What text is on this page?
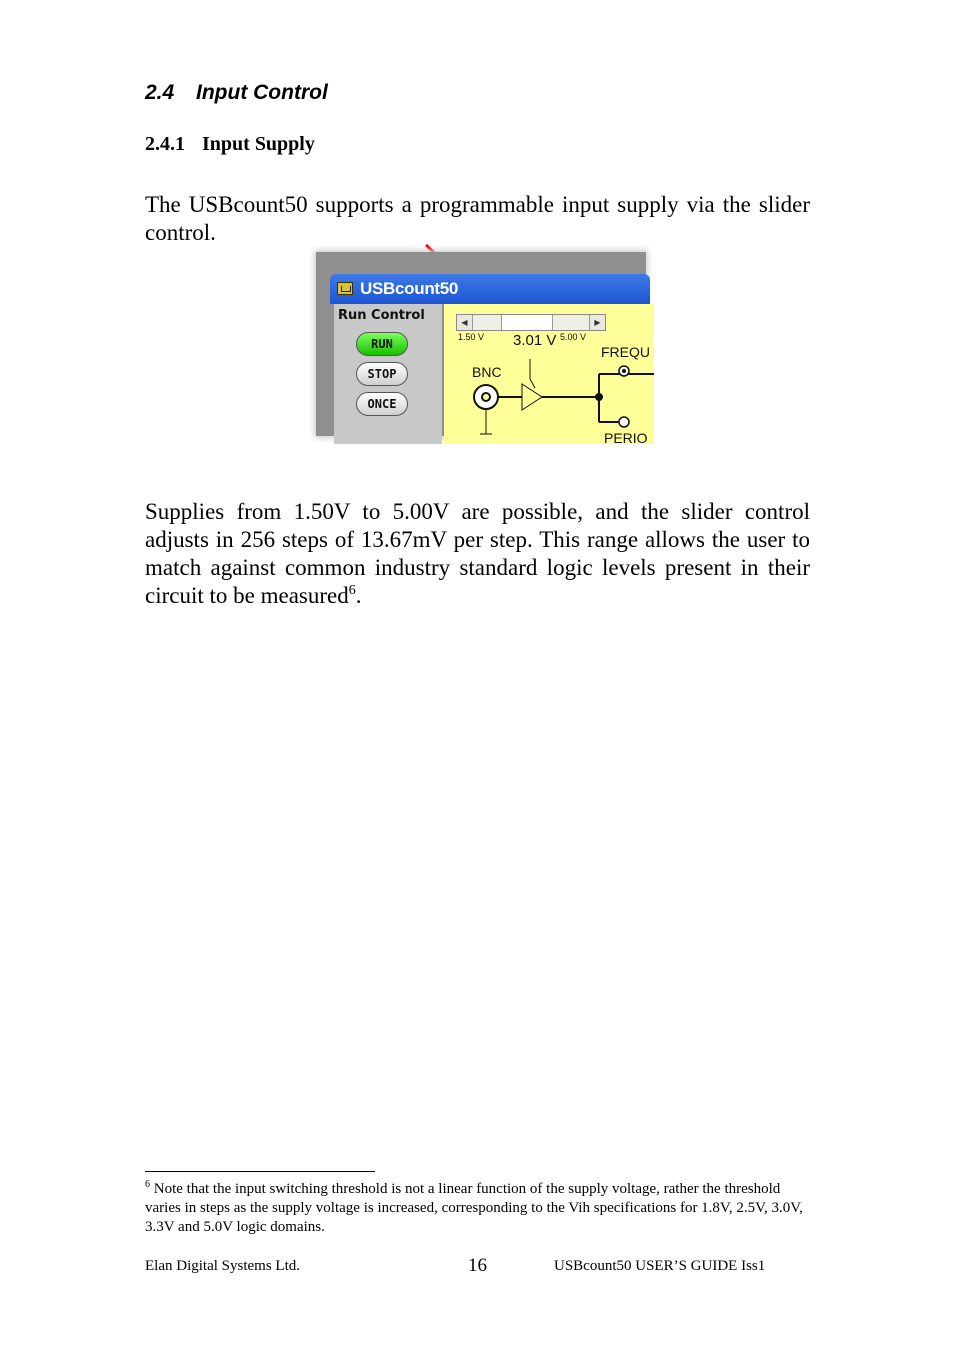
2.4 Input Control
2.4.1 Input Supply
The USBcount50 supports a programmable input supply via the slider control.
USBcount50
Run Control
RUN
STOP
ONCE
◀	▶
1.50 V	5.00 V
3.01 V
BNC
FREQU
PERIO
Supplies from 1.50V to 5.00V are possible, and the slider control adjusts in 256 steps of 13.67mV per step. This range allows the user to match against common industry standard logic levels present in their circuit to be measured$^6$.
$^6$ Note that the input switching threshold is not a linear function of the supply voltage, rather the threshold varies in steps as the supply voltage is increased, corresponding to the Vih specifications for 1.8V, 2.5V, 3.0V, 3.3V and 5.0V logic domains.
Elan Digital Systems Ltd.	16	USBcount50 USER’S GUIDE Iss1
